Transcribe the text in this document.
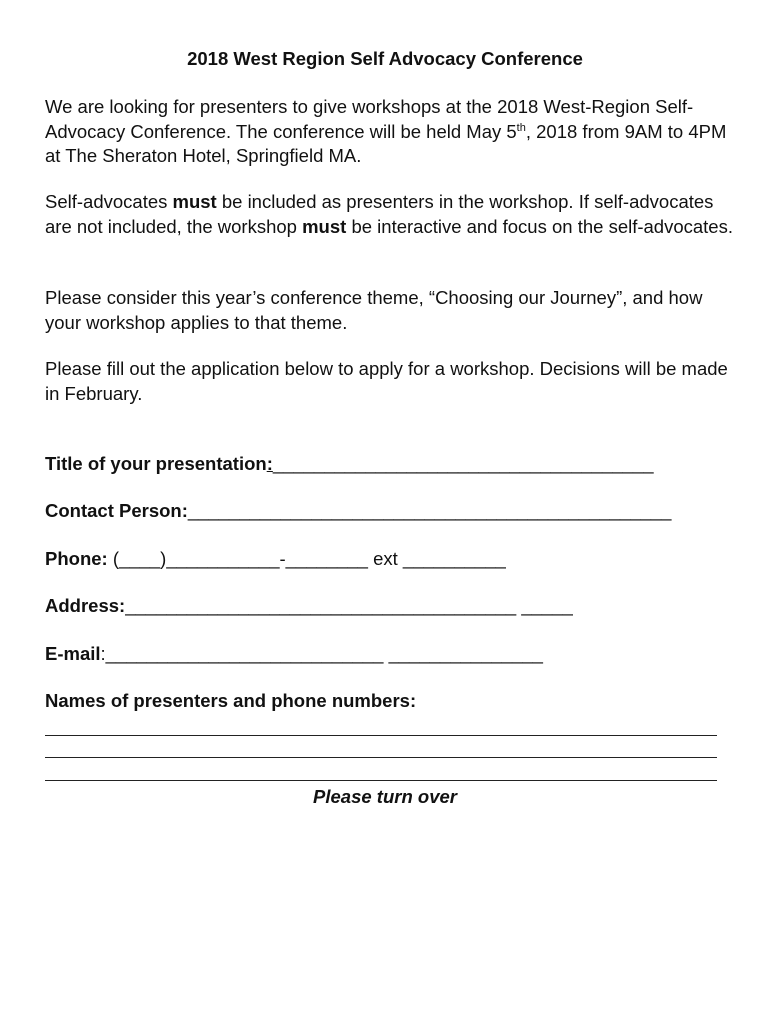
2018 West Region Self Advocacy Conference

We are looking for presenters to give workshops at the 2018 West-Region Self-Advocacy Conference. The conference will be held May 5th, 2018 from 9AM to 4PM at The Sheraton Hotel, Springfield MA.

Self-advocates must be included as presenters in the workshop. If self-advocates are not included, the workshop must be interactive and focus on the self-advocates.

Please consider this year’s conference theme, “Choosing our Journey”, and how your workshop applies to that theme.

Please fill out the application below to apply for a workshop. Decisions will be made in February.

Title of your presentation:_____________________________________
Contact Person:_______________________________________________
Phone: (____)___________-________ ext __________
Address:______________________________________ _____
E-mail:___________________________ _______________
Names of presenters and phone numbers:
Please turn over
